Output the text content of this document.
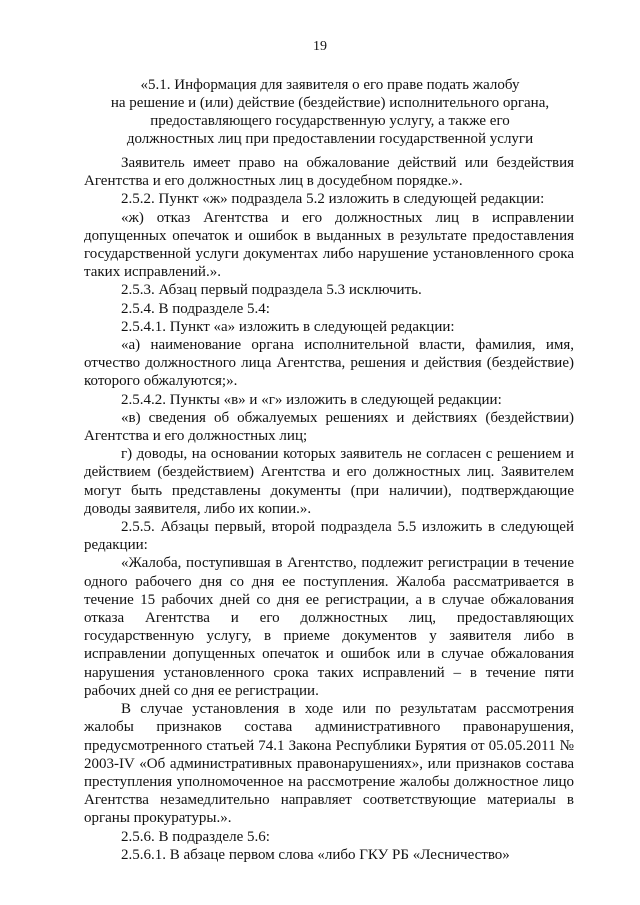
19
«5.1. Информация для заявителя о его праве подать жалобу
на решение и (или) действие (бездействие) исполнительного органа,
предоставляющего государственную услугу, а также его
должностных лиц при предоставлении государственной услуги

Заявитель имеет право на обжалование действий или бездействия Агентства и его должностных лиц в досудебном порядке.».

2.5.2. Пункт «ж» подраздела 5.2 изложить в следующей редакции:

«ж) отказ Агентства и его должностных лиц в исправлении допущенных опечаток и ошибок в выданных в результате предоставления государственной услуги документах либо нарушение установленного срока таких исправлений.».

2.5.3. Абзац первый подраздела 5.3 исключить.

2.5.4. В подразделе 5.4:

2.5.4.1. Пункт «а» изложить в следующей редакции:

«а) наименование органа исполнительной власти, фамилия, имя, отчество должностного лица Агентства, решения и действия (бездействие) которого обжалуются;».

2.5.4.2. Пункты «в» и «г» изложить в следующей редакции:

«в) сведения об обжалуемых решениях и действиях (бездействии) Агентства и его должностных лиц;

г) доводы, на основании которых заявитель не согласен с решением и действием (бездействием) Агентства и его должностных лиц. Заявителем могут быть представлены документы (при наличии), подтверждающие доводы заявителя, либо их копии.».

2.5.5. Абзацы первый, второй подраздела 5.5 изложить в следующей редакции:

«Жалоба, поступившая в Агентство, подлежит регистрации в течение одного рабочего дня со дня ее поступления. Жалоба рассматривается в течение 15 рабочих дней со дня ее регистрации, а в случае обжалования отказа Агентства и его должностных лиц, предоставляющих государственную услугу, в приеме документов у заявителя либо в исправлении допущенных опечаток и ошибок или в случае обжалования нарушения установленного срока таких исправлений – в течение пяти рабочих дней со дня ее регистрации.

В случае установления в ходе или по результатам рассмотрения жалобы признаков состава административного правонарушения, предусмотренного статьей 74.1 Закона Республики Бурятия от 05.05.2011 № 2003-IV «Об административных правонарушениях», или признаков состава преступления уполномоченное на рассмотрение жалобы должностное лицо Агентства незамедлительно направляет соответствующие материалы в органы прокуратуры.».

2.5.6. В подразделе 5.6:

2.5.6.1. В абзаце первом слова «либо ГКУ РБ «Лесничество»
